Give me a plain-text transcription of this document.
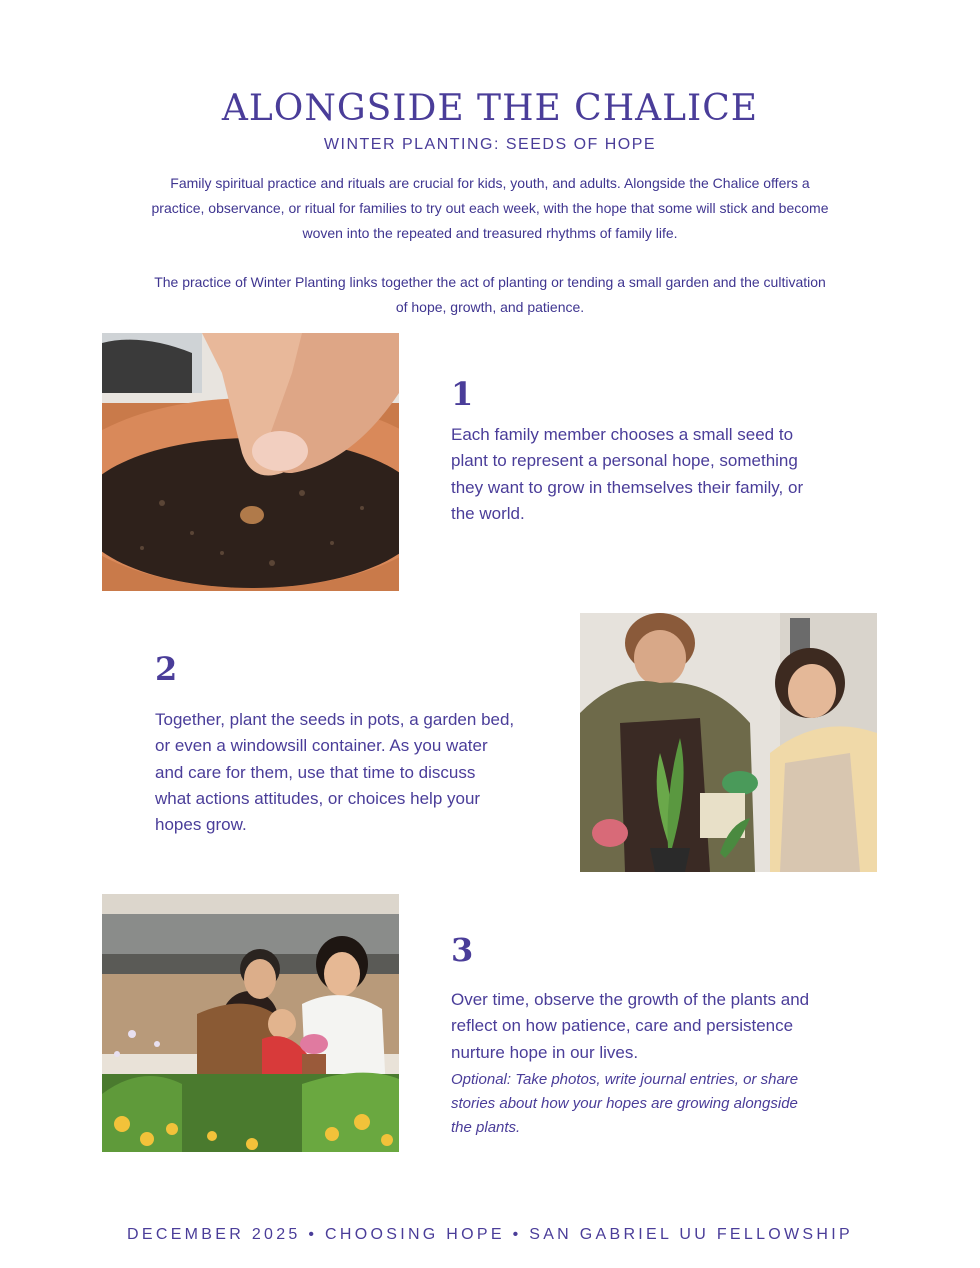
ALONGSIDE THE CHALICE
WINTER PLANTING: SEEDS OF HOPE
Family spiritual practice and rituals are crucial for kids, youth, and adults. Alongside the Chalice offers a practice, observance, or ritual for families to try out each week, with the hope that some will stick and become woven into the repeated and treasured rhythms of family life.
The practice of Winter Planting links together the act of planting or tending a small garden and the cultivation of hope, growth, and patience.
1
Each family member chooses a small seed to plant to represent a personal hope, something they want to grow in themselves their family, or the world.
2
Together, plant the seeds in pots, a garden bed, or even a windowsill container. As you water and care for them, use that time to discuss what actions attitudes, or choices help your hopes grow.
3
Over time, observe the growth of the plants and reflect on how patience, care and persistence nurture hope in our lives.
Optional: Take photos, write journal entries, or share stories about how your hopes are growing alongside the plants.
DECEMBER 2025 • CHOOSING HOPE • SAN GABRIEL UU FELLOWSHIP
